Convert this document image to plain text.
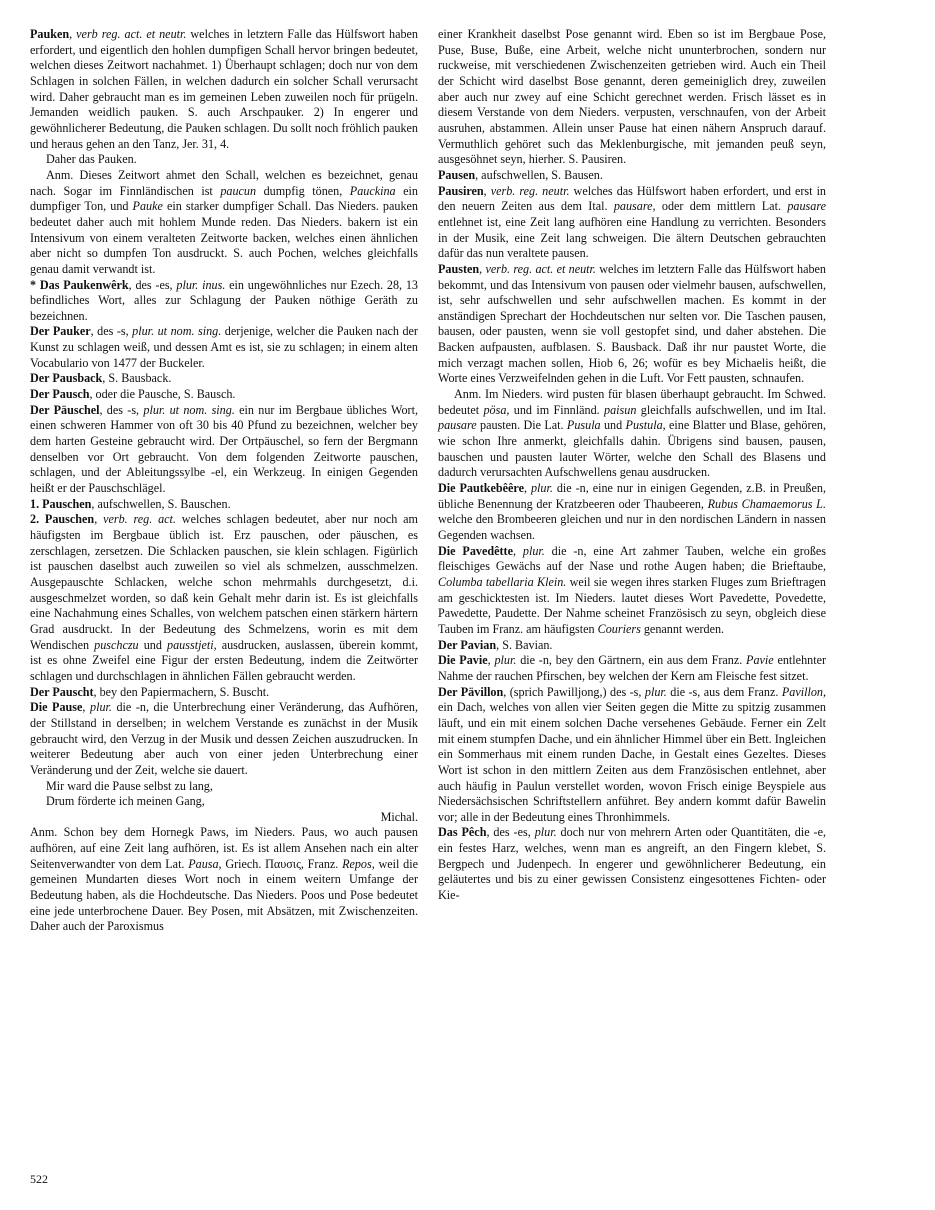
Pauken, verb reg. act. et neutr. welches in letztern Falle das Hülfswort haben erfordert, und eigentlich den hohlen dumpfigen Schall hervor bringen bedeutet, welchen dieses Zeitwort nachahmet. 1) Überhaupt schlagen; doch nur von dem Schlagen in solchen Fällen, in welchen dadurch ein solcher Schall verursacht wird. Daher gebraucht man es im gemeinen Leben zuweilen noch für prügeln. Jemanden weidlich pauken. S. auch Arschpauker. 2) In engerer und gewöhnlicherer Bedeutung, die Pauken schlagen. Du sollt noch fröhlich pauken und heraus gehen an den Tanz, Jer. 31, 4.

Daher das Pauken.

Anm. Dieses Zeitwort ahmet den Schall, welchen es bezeichnet, genau nach. Sogar im Finnländischen ist paucun dumpfig tönen, Pauckina ein dumpfiger Ton, und Pauke ein starker dumpfiger Schall. Das Nieders. pauken bedeutet daher auch mit hohlem Munde reden. Das Nieders. bakern ist ein Intensivum von einem veralteten Zeitworte backen, welches einen ähnlichen aber nicht so dumpfen Ton ausdruckt. S. auch Pochen, welches gleichfalls genau damit verwandt ist.

* Das Paukenwêrk, des -es, plur. inus. ein ungewöhnliches nur Ezech. 28, 13 befindliches Wort, alles zur Schlagung der Pauken nöthige Geräth zu bezeichnen.

Der Pauker, des -s, plur. ut nom. sing. derjenige, welcher die Pauken nach der Kunst zu schlagen weiß, und dessen Amt es ist, sie zu schlagen; in einem alten Vocabulario von 1477 der Buckeler.

Der Pausback, S. Bausback.

Der Pausch, oder die Pausche, S. Bausch.

Der Päuschel, des -s, plur. ut nom. sing. ein nur im Bergbaue übliches Wort, einen schweren Hammer von oft 30 bis 40 Pfund zu bezeichnen, welcher bey dem harten Gesteine gebraucht wird. Der Ortpäuschel, so fern der Bergmann denselben vor Ort gebraucht. Von dem folgenden Zeitworte pauschen, schlagen, und der Ableitungssylbe -el, ein Werkzeug. In einigen Gegenden heißt er der Pauschschlägel.

1. Pauschen, aufschwellen, S. Bauschen.

2. Pauschen, verb. reg. act. welches schlagen bedeutet, aber nur noch am häufigsten im Bergbaue üblich ist. Erz pauschen, oder päuschen, es zerschlagen, zersetzen. Die Schlacken pauschen, sie klein schlagen. Figürlich ist pauschen daselbst auch zuweilen so viel als schmelzen, ausschmelzen. Ausgepauschte Schlacken, welche schon mehrmahls durchgesetzt, d.i. ausgeschmelzet worden, so daß kein Gehalt mehr darin ist. Es ist gleichfalls eine Nachahmung eines Schalles, von welchem patschen einen stärkern härtern Grad ausdruckt. In der Bedeutung des Schmelzens, worin es mit dem Wendischen puschczu und pausstjeti, ausdrucken, auslassen, überein kommt, ist es ohne Zweifel eine Figur der ersten Bedeutung, indem die Zeitwörter schlagen und durchschlagen in ähnlichen Fällen gebraucht werden.

Der Pauscht, bey den Papiermachern, S. Buscht.

Die Pause, plur. die -n, die Unterbrechung einer Veränderung, das Aufhören, der Stillstand in derselben; in welchem Verstande es zunächst in der Musik gebraucht wird, den Verzug in der Musik und dessen Zeichen auszudrucken. In weiterer Bedeutung aber auch von einer jeden Unterbrechung einer Veränderung und der Zeit, welche sie dauert.

Mir ward die Pause selbst zu lang,

Drum förderte ich meinen Gang,

Michal.

Anm. Schon bey dem Hornegk Paws, im Nieders. Paus, wo auch pausen aufhören, auf eine Zeit lang aufhören, ist. Es ist allem Ansehen nach ein alter Seitenverwandter von dem Lat. Pausa, Griech. Παυσις, Franz. Repos, weil die gemeinen Mundarten dieses Wort noch in einem weitern Umfange der Bedeutung haben, als die Hochdeutsche. Das Nieders. Poos und Pose bedeutet eine jede unterbrochene Dauer. Bey Posen, mit Absätzen, mit Zwischenzeiten. Daher auch der Paroxismus

einer Krankheit daselbst Pose genannt wird. Eben so ist im Bergbaue Pose, Puse, Buse, Buße, eine Arbeit, welche nicht ununterbrochen, sondern nur ruckweise, mit verschiedenen Zwischenzeiten getrieben wird. Auch ein Theil der Schicht wird daselbst Bose genannt, deren gemeiniglich drey, zuweilen aber auch nur zwey auf eine Schicht gerechnet werden. Frisch lässet es in diesem Verstande von dem Nieders. verpusten, verschnaufen, von der Arbeit ausruhen, abstammen. Allein unser Pause hat einen nähern Anspruch darauf. Vermuthlich gehöret such das Meklenburgische, mit jemanden peuß seyn, ausgesöhnet seyn, hierher. S. Pausiren.

Pausen, aufschwellen, S. Bausen.

Pausiren, verb. reg. neutr. welches das Hülfswort haben erfordert, und erst in den neuern Zeiten aus dem Ital. pausare, oder dem mittlern Lat. pausare entlehnet ist, eine Zeit lang aufhören eine Handlung zu verrichten. Besonders in der Musik, eine Zeit lang schweigen. Die ältern Deutschen gebrauchten dafür das nun veraltete pausen.

Pausten, verb. reg. act. et neutr. welches im letztern Falle das Hülfswort haben bekommt, und das Intensivum von pausen oder vielmehr bausen, aufschwellen, ist, sehr aufschwellen und sehr aufschwellen machen. Es kommt in der anständigen Sprechart der Hochdeutschen nur selten vor. Die Taschen pausen, bausen, oder pausten, wenn sie voll gestopfet sind, und daher abstehen. Die Backen aufpausten, aufblasen. S. Bausback. Daß ihr nur paustet Worte, die mich verzagt machen sollen, Hiob 6, 26; wofür es bey Michaelis heißt, die Worte eines Verzweifelnden gehen in die Luft. Vor Fett pausten, schnaufen.

Anm. Im Nieders. wird pusten für blasen überhaupt gebraucht. Im Schwed. bedeutet pösa, und im Finnländ. paisun gleichfalls aufschwellen, und im Ital. pausare pausten. Die Lat. Pusula und Pustula, eine Blatter und Blase, gehören, wie schon Ihre anmerkt, gleichfalls dahin. Übrigens sind bausen, pausen, bauschen und pausten lauter Wörter, welche den Schall des Blasens und dadurch verursachten Aufschwellens genau ausdrucken.

Die Pautkebêêre, plur. die -n, eine nur in einigen Gegenden, z.B. in Preußen, übliche Benennung der Kratzbeeren oder Thaubeeren, Rubus Chamaemorus L. welche den Brombeeren gleichen und nur in den nordischen Ländern in nassen Gegenden wachsen.

Die Pavedêtte, plur. die -n, eine Art zahmer Tauben, welche ein großes fleischiges Gewächs auf der Nase und rothe Augen haben; die Brieftaube, Columba tabellaria Klein. weil sie wegen ihres starken Fluges zum Brieftragen am geschicktesten ist. Im Nieders. lautet dieses Wort Pavedette, Povedette, Pawedette, Paudette. Der Nahme scheinet Französisch zu seyn, obgleich diese Tauben im Franz. am häufigsten Couriers genannt werden.

Der Pavian, S. Bavian.

Die Pavie, plur. die -n, bey den Gärtnern, ein aus dem Franz. Pavie entlehnter Nahme der rauchen Pfirschen, bey welchen der Kern am Fleische fest sitzet.

Der Pävillon, (sprich Pawilljong,) des -s, plur. die -s, aus dem Franz. Pavillon, ein Dach, welches von allen vier Seiten gegen die Mitte zu spitzig zusammen läuft, und ein mit einem solchen Dache versehenes Gebäude. Ferner ein Zelt mit einem stumpfen Dache, und ein ähnlicher Himmel über ein Bett. Ingleichen ein Sommerhaus mit einem runden Dache, in Gestalt eines Gezeltes. Dieses Wort ist schon in den mittlern Zeiten aus dem Französischen entlehnet, aber auch häufig in Paulun verstellet worden, wovon Frisch einige Beyspiele aus Niedersächsischen Schriftstellern anführet. Bey andern kommt dafür Bawelin vor; alle in der Bedeutung eines Thronhimmels.

Das Pêch, des -es, plur. doch nur von mehrern Arten oder Quantitäten, die -e, ein festes Harz, welches, wenn man es angreift, an den Fingern klebet, S. Bergpech und Judenpech. In engerer und gewöhnlicherer Bedeutung, ein geläutertes und bis zu einer gewissen Consistenz eingesottenes Fichten- oder Kie-

522
